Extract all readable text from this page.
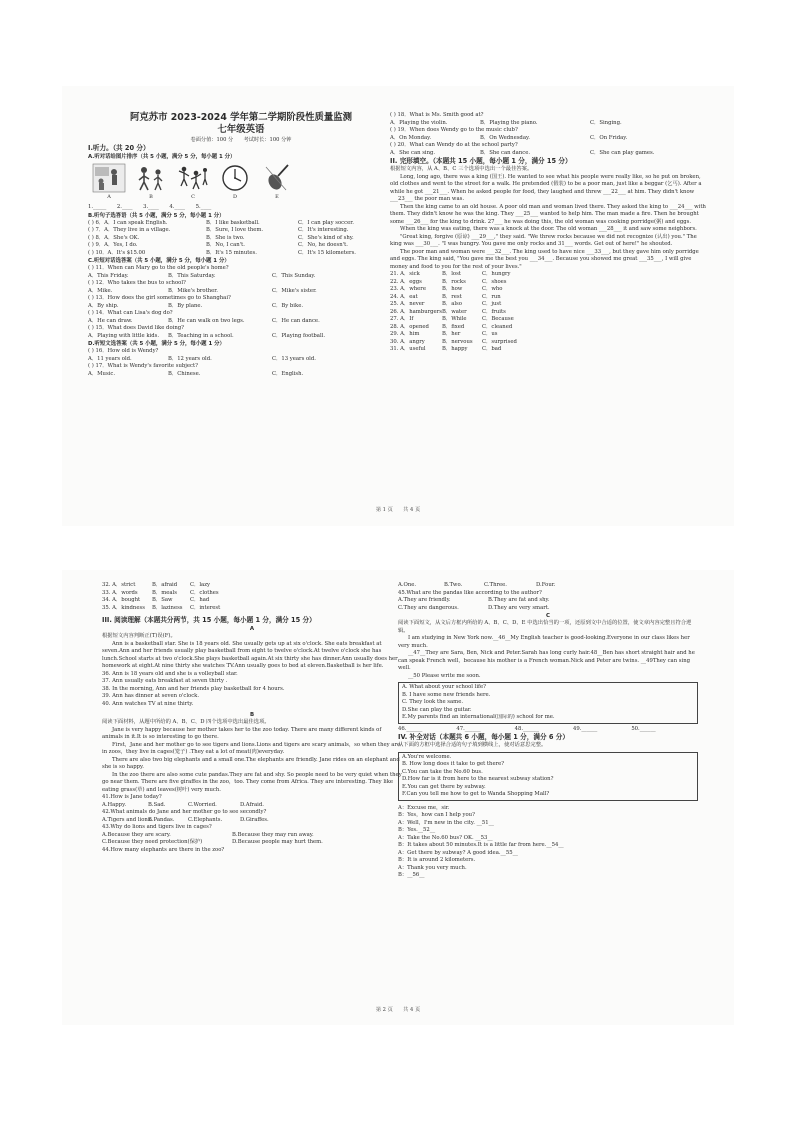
阿克苏市 2023-2024 学年第二学期阶段性质量监测
七年级英语
卷面分值：100 分　　考试时长：100 分钟
I.听力。（共 20 分）
A.听对话给图片排序（共 5 小题，满分 5 分，每小题 1 分）
A	B	C	D	E
1._____　　2.____　　3.____　　4.____　　5.____
B.听句子选答语（共 5 小题，满分 5 分，每小题 1 分）
( ) 6．A．I can speak English.	B．I like basketball.	C．I can play soccer.
( ) 7．A．They live in a village.	B．Sure, I love them.	C．It's interesting.
( ) 8．A．She's OK.	B．She is two.	C．She's kind of shy.
( ) 9．A．Yes, I do.	B．No, I can't.	C．No, he doesn't.
( ) 10．A．It's $15.00	B．It's 15 minutes.	C．It's 15 kilometers.
C.听短对话选答案（共 5 小题，满分 5 分，每小题 1 分）
( ) 11．When can Mary go to the old people's home?
A．This Friday.	B．This Saturday.	C．This Sunday.
( ) 12．Who takes the bus to school?
A．Mike.	B．Mike's brother.	C．Mike's sister.
( ) 13．How does the girl sometimes go to Shanghai?
A．By ship.	B．By plane.	C．By bike.
( ) 14．What can Lisa's dog do?
A．He can draw.	B．He can walk on two legs.	C．He can dance.
( ) 15．What does David like doing?
A．Playing with little kids.	B．Teaching in a school.	C．Playing football.
D.听短文选答案（共 5 小题，满分 5 分，每小题 1 分）
( ) 16．How old is Wendy?
A．11 years old.	B．12 years old.	C．13 years old.
( ) 17．What is Wendy's favorite subject?
A．Music.	B．Chinese.	C．English.
( ) 18．What is Ms. Smith good at?
A．Playing the violin.	B．Playing the piano.	C．Singing.
( ) 19．When does Wendy go to the music club?
A．On Monday.	B．On Wednesday.	C．On Friday.
( ) 20．What can Wendy do at the school party?
A．She can sing.	B．She can dance.	C．She can play games.
II. 完形填空。（本题共 15 小题，每小题 1 分，满分 15 分）
根据短文内容，从 A、B、C 三个选项中选出一个最佳答案。
Long, long ago, there was a king (国王). He wanted to see what his people were really like, so he put on broken, old clothes and went to the street for a walk. He pretended (假装) to be a poor man, just like a beggar (乞丐). After a while he got ___21___. When he asked people for food, they laughed and threw ___22___ at him. They didn't know ___23___ the poor man was.
Then the king came to an old house. A poor old man and woman lived there. They asked the king to ___24___ with them. They didn't know he was the king. They ___25___ wanted to help him. The man made a fire. Then he brought some ___26___ for the king to drink. 27___ he was doing this, the old woman was cooking porridge(粥) and eggs.
When the king was eating, there was a knock at the door. The old woman ___28___ it and saw some neighbors.
"Great king, forgive (原谅) ___29___," they said. "We threw rocks because we did not recognize (认出) you." The king was ___30___. "I was hungry. You gave me only rocks and 31___ words. Get out of here!" he shouted.
The poor man and woman were ___32___. The king used to have nice ___33___, but they gave him only porridge and eggs. The king said, "You gave me the best you ___34___. Because you showed me great ___35___, I will give money and food to you for the rest of your lives."
21. A．sick	B．lost	C．hungry
22. A．eggs	B．rocks	C．shoes
23. A．where	B．how	C．who
24. A．eat	B．rest	C．run
25. A．never	B．also	C．just
26. A．hamburgers B．water	C．fruits
27. A．If	B．While	C．Because
28. A．opened	B．fixed	C．cleaned
29. A．him	B．her	C．us
30. A．angry	B．nervous	C．surprised
31. A．useful	B．happy	C．bad
第 1 页　　共 4 页
32. A．strict	B．afraid	C．lazy
33. A．words	B．meals	C．clothes
34. A．bought	B．Saw	C．had
35. A．kindness	B．laziness	C．interest
III. 阅读理解（本题共分两节，共 15 小题，每小题 1 分，满分 15 分）
A
根据短文内容判断正(T)误(F)。
Ann is a basketball star. She is 18 years old. She usually gets up at six o'clock. She eats breakfast at seven.Ann and her friends usually play basketball from eight to twelve o'clock.At twelve o'clock she has lunch.School starts at two o'clock.She plays basketball again.At six thirty she has dinner.Ann usually does her homework at eight.At nine thirty she watches TV.Ann usually goes to bed at eleven.Basketball is her life.
36. Ann is 18 years old and she is a volleyball star.
37. Ann usually eats breakfast at seven thirty .
38. In the morning, Ann and her friends play basketball for 4 hours.
39. Ann has dinner at seven o'clock.
40. Ann watches TV at nine thirty.
B
阅读下面材料，从题中所给的 A、B、C、D 四个选项中选出最佳选项。
Jane is very happy because her mother takes her to the zoo today. There are many different kinds of animals in it.It is so interesting to go there.
First，Jane and her mother go to see tigers and lions.Lions and tigers are scary animals，so when they are in zoos，they live in cages(笼子) .They eat a lot of meat(肉)everyday.
There are also two big elephants and a small one.The elephants are friendly. Jane rides on an elephant and she is so happy.
In the zoo there are also some cute pandas.They are fat and shy. So people need to be very quiet when they go near them. There are five giraffes in the zoo，too. They come from Africa. They are interesting. They like eating grass(草) and leaves(树叶) very much.
41.How is Jane today?
A.Happy.	B.Sad.	C.Worried.	D.Afraid.
42.What animals do Jane and her mother go to see secondly?
A.Tigers and lions.
B.Pandas.	C.Elephants.	D.Giraffes.
43.Why do lions and tigers live in cages?
A.Because they are scary.	B.Because they may run away.
C.Because they need protection(保护)	D.Because people may hurt them.
44.How many elephants are there in the zoo?
A.One.	B.Two.	C.Three.	D.Four.
45.What are the pandas like according to the author?
A.They are friendly.	B.They are fat and shy.
C.They are dangerous.	D.They are very smart.
C
阅读下面短文，从文后方框内所给的 A、B、C、D、E 中选出恰当的一项，还原到文中合适的位置，使文章内容完整且符合逻辑。
I am studying in New York now.__46__My English teacher is good-looking.Everyone in our class likes her very much.
__47__They are Sara, Ben, Nick and Peter.Sarah has long curly hair.48__Ben has short straight hair and he can speak French well，because his mother is a French woman.Nick and Peter are twins. __49They can sing well.
__50 Please write me soon.
A. What about your school life?
B. I have some new friends here.
C. They look the same.
D.She can play the guitar.
E.My parents find an international(国际的) school for me.
46.______	47.______	48.______	49.______	50.______
IV. 补全对话（本题共 6 小题，每小题 1 分，满分 6 分）
从下面的方框中选择合适的句子填到横线上，使对话意思完整。
A.You're welcome.
B. How long does it take to get there?
C.You can take the No.60 bus.
D.How far is it from here to the nearest subway station?
E.You can get there by subway.
F.Can you tell me how to get to Wanda Shopping Mall?
A：Excuse me，sir.
B：Yes，how can I help you?
A：Well，I'm new in the city. __51__
B：Yes.__52__
A：Take the No.60 bus? OK. __53__
B：It takes about 50 minutes.It is a little far from here.__54__
A：Get there by subway? A good idea.__55__
B：It is around 2 kilometers.
A：Thank you very much.
B：__56__
第 2 页　　共 4 页
